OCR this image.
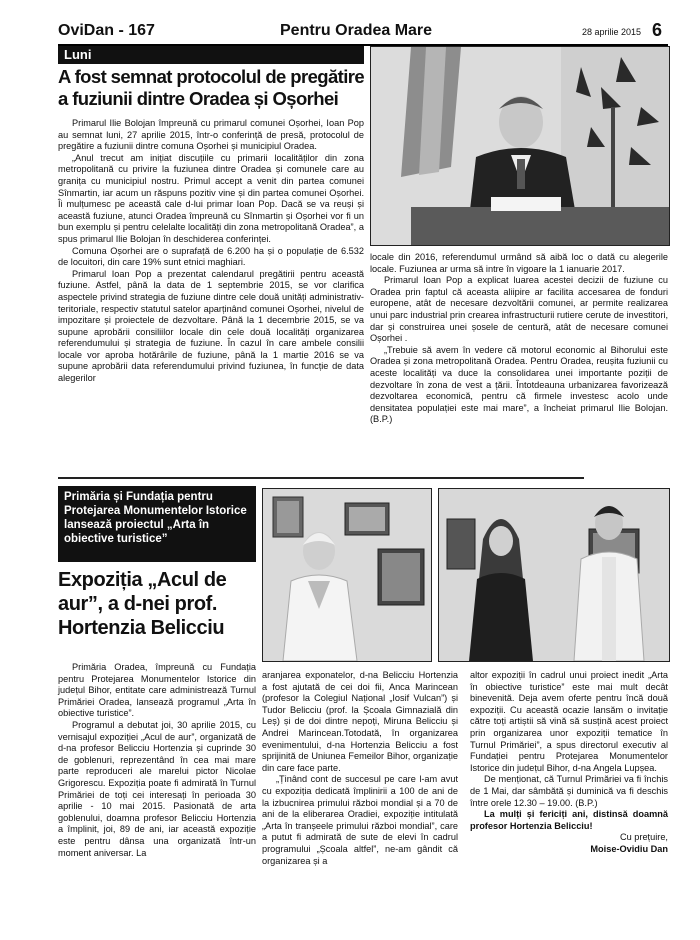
OviDan - 167	Pentru Oradea Mare	28 aprilie 2015 6
Luni
A fost semnat protocolul de pregătire a fuziunii dintre Oradea și Oșorhei

Primarul Ilie Bolojan împreună cu primarul comunei Oșorhei, Ioan Pop au semnat luni, 27 aprilie 2015, într-o conferință de presă, protocolul de pregătire a fuziunii dintre comuna Oșorhei și municipiul Oradea.

„Anul trecut am inițiat discuțiile cu primarii localităților din zona metropolitană cu privire la fuziunea dintre Oradea și comunele care au granița cu municipiul nostru. Primul accept a venit din partea comunei Sînmartin, iar acum un răspuns pozitiv vine și din partea comunei Oșorhei. Îi mulțumesc pe această cale d-lui primar Ioan Pop. Dacă se va reuși și această fuziune, atunci Oradea împreună cu Sînmartin și Oșorhei vor fi un bun exemplu și pentru celelalte localități din zona metropolitană Oradea”, a spus primarul Ilie Bolojan în deschiderea conferinței.

Comuna Oșorhei are o suprafață de 6.200 ha și o populație de 6.532 de locuitori, din care 19% sunt etnici maghiari.

Primarul Ioan Pop a prezentat calendarul pregătirii pentru această fuziune. Astfel, până la data de 1 septembrie 2015, se vor clarifica aspectele privind strategia de fuziune dintre cele două unități administrativ-teritoriale, respectiv statutul satelor aparținând comunei Oșorhei, nivelul de impozitare și proiectele de dezvoltare. Până la 1 decembrie 2015, se va supune aprobării consiliilor locale din cele două localități organizarea referendumului și strategia de fuziune. În cazul în care ambele consilii locale vor aproba hotărârile de fuziune, până la 1 martie 2016 se va supune aprobării data referendumului privind fuziunea, în funcție de data alegerilor

locale din 2016, referendumul urmând să aibă loc o dată cu alegerile locale. Fuziunea ar urma să intre în vigoare la 1 ianuarie 2017.

Primarul Ioan Pop a explicat luarea acestei decizii de fuziune cu Oradea prin faptul că aceasta aliipire ar facilita accesarea de fonduri europene, atât de necesare dezvoltării comunei, ar permite realizarea unui parc industrial prin crearea infrastructurii rutiere cerute de investitori, dar și construirea unei șosele de centură, atât de necesare comunei Oșorhei .

„Trebuie să avem în vedere că motorul economic al Bihorului este Oradea și zona metropolitană Oradea. Pentru Oradea, reușita fuziunii cu aceste localități va duce la consolidarea unei importante poziții de dezvoltare în zona de vest a țării. Întotdeauna urbanizarea favorizează dezvoltarea economică, pentru că firmele investesc acolo unde densitatea populației este mai mare”, a încheiat primarul Ilie Bolojan. (B.P.)

Primăria și Fundația pentru Protejarea Monumentelor Istorice lansează proiectul „Arta în obiective turistice”
Expoziția „Acul de aur”, a d-nei prof. Hortenzia Belicciu

Primăria Oradea, împreună cu Fundația pentru Protejarea Monumentelor Istorice din județul Bihor, entitate care administrează Turnul Primăriei Oradea, lansează programul „Arta în obiective turistice”.

Programul a debutat joi, 30 aprilie 2015, cu vernisajul expoziției „Acul de aur”, organizată de d-na profesor Belicciu Hortenzia și cuprinde 30 de goblenuri, reprezentând în cea mai mare parte reproduceri ale marelui pictor Nicolae Grigorescu. Expoziția poate fi admirată în Turnul Primăriei de toți cei interesați în perioada 30 aprilie - 10 mai 2015. Pasionată de arta goblenului, doamna profesor Belicciu Hortenzia a împlinit, joi, 89 de ani, iar această expoziție este pentru dânsa una organizată într-un moment aniversar. La

aranjarea exponatelor, d-na Belicciu Hortenzia a fost ajutată de cei doi fii, Anca Marincean (profesor la Colegiul Național „Iosif Vulcan”) și Tudor Belicciu (prof. la Școala Gimnazială din Leș) și de doi dintre nepoți, Miruna Belicciu și Andrei Marincean.Totodată, în organizarea evenimentului, d-na Hortenzia Belicciu a fost sprijinită de Uniunea Femeilor Bihor, organizație din care face parte.

„Ținând cont de succesul pe care l-am avut cu expoziția dedicată împlinirii a 100 de ani de la izbucnirea primului război mondial și a 70 de ani de la eliberarea Oradiei, expoziție intitulată „Arta în tranșeele primului război mondial”, care a putut fi admirată de sute de elevi în cadrul programului „Școala altfel”, ne-am gândit că organizarea și a

altor expoziții în cadrul unui proiect inedit „Arta în obiective turistice” este mai mult decât binevenită. Deja avem oferte pentru încă două expoziții. Cu această ocazie lansăm o invitație către toți artiștii să vină să susțină acest proiect prin organizarea unor expoziții tematice în Turnul Primăriei”, a spus directorul executiv al Fundației pentru Protejarea Monumentelor Istorice din județul Bihor, d-na Angela Lupșea.

De menționat, că Turnul Primăriei va fi închis de 1 Mai, dar sâmbătă și duminică va fi deschis între orele 12.30 – 19.00. (B.P.)

La mulți și fericiți ani, distinsă doamnă profesor Hortenzia Belicciu!

Cu prețuire,

Moise-Ovidiu Dan
